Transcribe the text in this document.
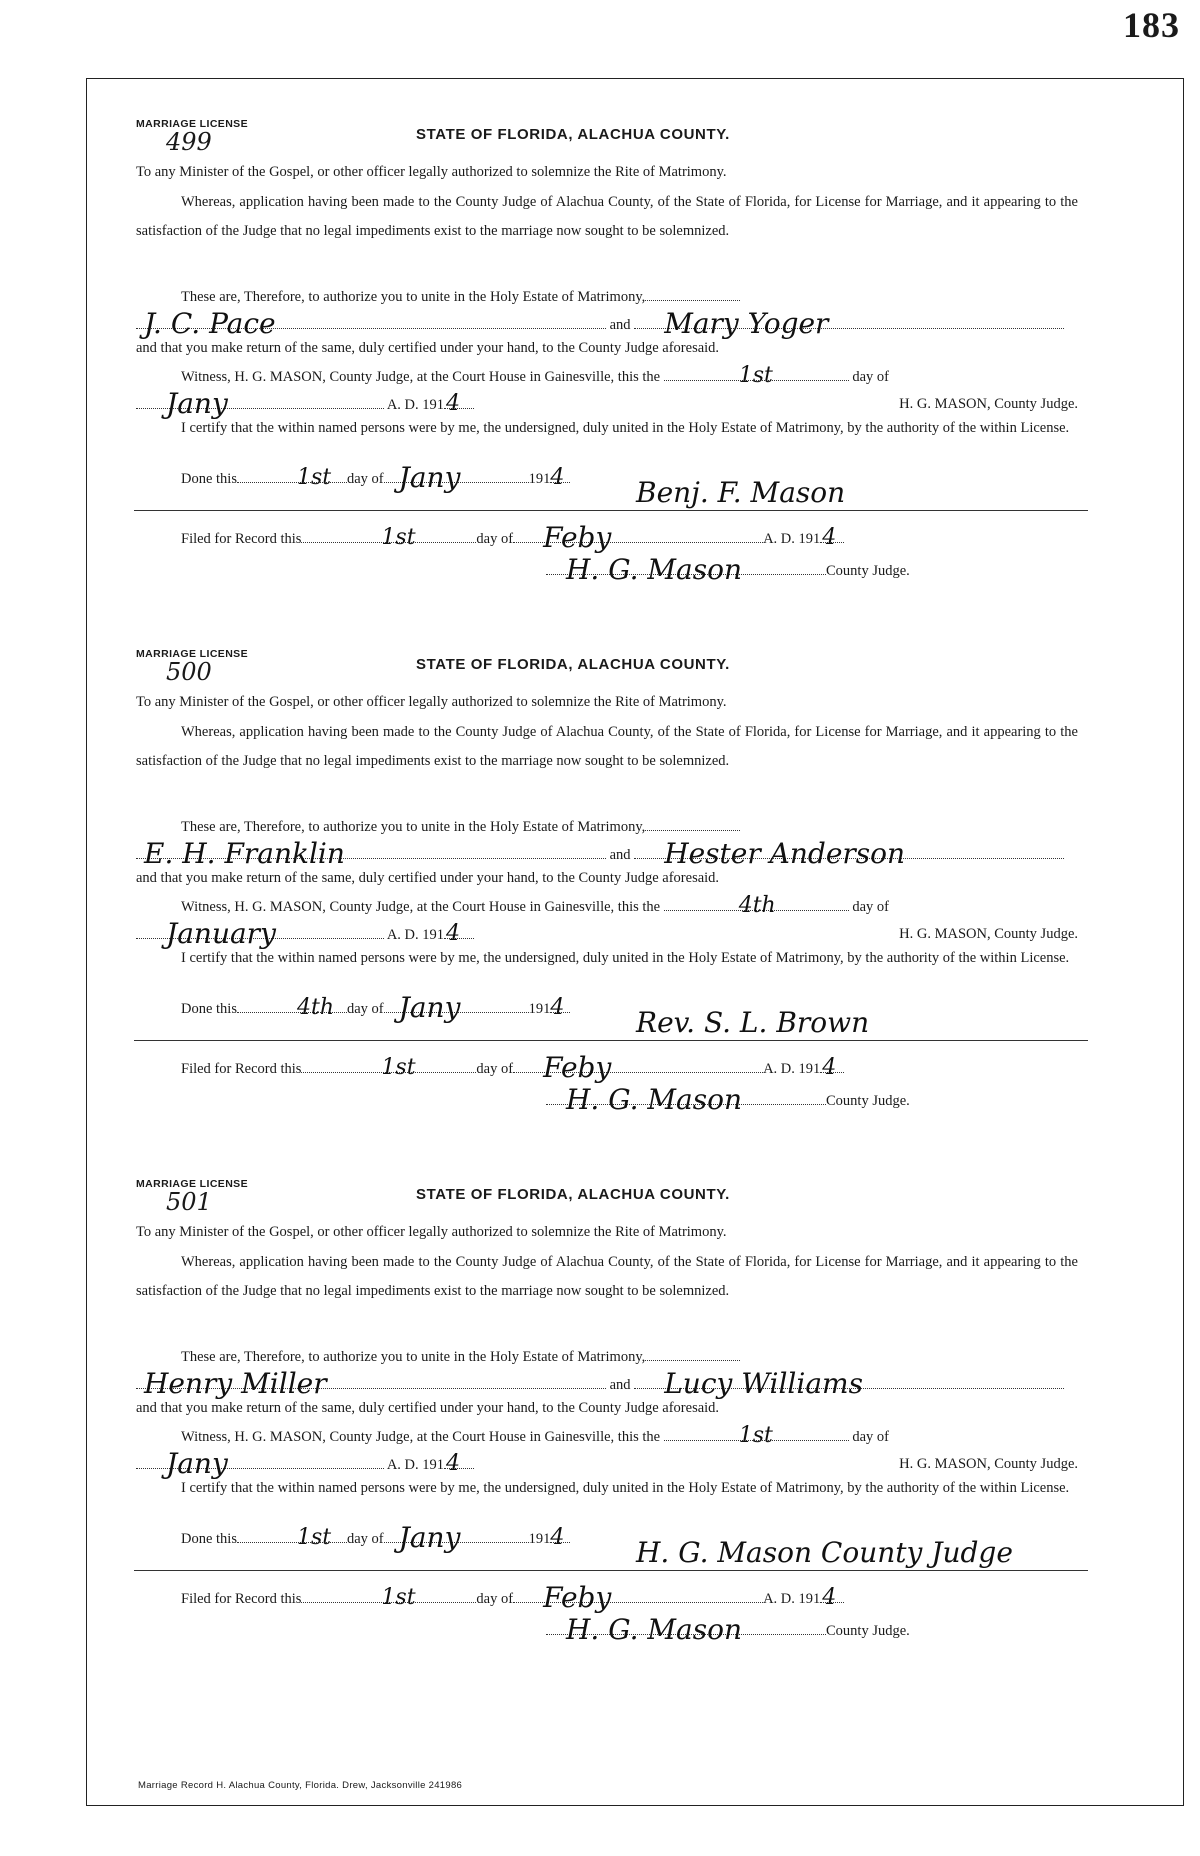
183
MARRIAGE LICENSE
499	STATE OF FLORIDA, ALACHUA COUNTY.
To any Minister of the Gospel, or other officer legally authorized to solemnize the Rite of Matrimony.
Whereas, application having been made to the County Judge of Alachua County, of the State of Florida, for License for Marriage, and it appearing to the satisfaction of the Judge that no legal impediments exist to the marriage now sought to be solemnized.
These are, Therefore, to authorize you to unite in the Holy Estate of Matrimony,
J. C. Pace	and Mary Yoger
and that you make return of the same, duly certified under your hand, to the County Judge aforesaid.
Witness, H. G. MASON, County Judge, at the Court House in Gainesville, this the	1st	day of
Jany	A. D. 191 4	H. G. MASON, County Judge.
I certify that the within named persons were by me, the undersigned, duly united in the Holy Estate of Matrimony, by the authority of the within License.
Done this	1st day of Jany	191 4	Benj. F. Mason
Filed for Record this	1st	day of Feby	A. D. 191 4
H. G. Mason	County Judge.
MARRIAGE LICENSE
500	STATE OF FLORIDA, ALACHUA COUNTY.
To any Minister of the Gospel, or other officer legally authorized to solemnize the Rite of Matrimony.
Whereas, application having been made to the County Judge of Alachua County, of the State of Florida, for License for Marriage, and it appearing to the satisfaction of the Judge that no legal impediments exist to the marriage now sought to be solemnized.
These are, Therefore, to authorize you to unite in the Holy Estate of Matrimony,
E. H. Franklin	and Hester Anderson
and that you make return of the same, duly certified under your hand, to the County Judge aforesaid.
Witness, H. G. MASON, County Judge, at the Court House in Gainesville, this the	4th	day of
January	A. D. 191 4	H. G. MASON, County Judge.
I certify that the within named persons were by me, the undersigned, duly united in the Holy Estate of Matrimony, by the authority of the within License.
Done this	4th day of Jany	191 4	Rev. S. L. Brown
Filed for Record this	1st	day of Feby	A. D. 191 4
H. G. Mason	County Judge.
MARRIAGE LICENSE
501	STATE OF FLORIDA, ALACHUA COUNTY.
To any Minister of the Gospel, or other officer legally authorized to solemnize the Rite of Matrimony.
Whereas, application having been made to the County Judge of Alachua County, of the State of Florida, for License for Marriage, and it appearing to the satisfaction of the Judge that no legal impediments exist to the marriage now sought to be solemnized.
These are, Therefore, to authorize you to unite in the Holy Estate of Matrimony,
Henry Miller	and Lucy Williams
and that you make return of the same, duly certified under your hand, to the County Judge aforesaid.
Witness, H. G. MASON, County Judge, at the Court House in Gainesville, this the	1st	day of
Jany	A. D. 191 4	H. G. MASON, County Judge.
I certify that the within named persons were by me, the undersigned, duly united in the Holy Estate of Matrimony, by the authority of the within License.
Done this	1st day of Jany	191 4	H. G. Mason County Judge
Filed for Record this	1st	day of Feby	A. D. 191 4
H. G. Mason	County Judge.
Marriage Record H. Alachua County, Florida. Drew, Jacksonville 241986
